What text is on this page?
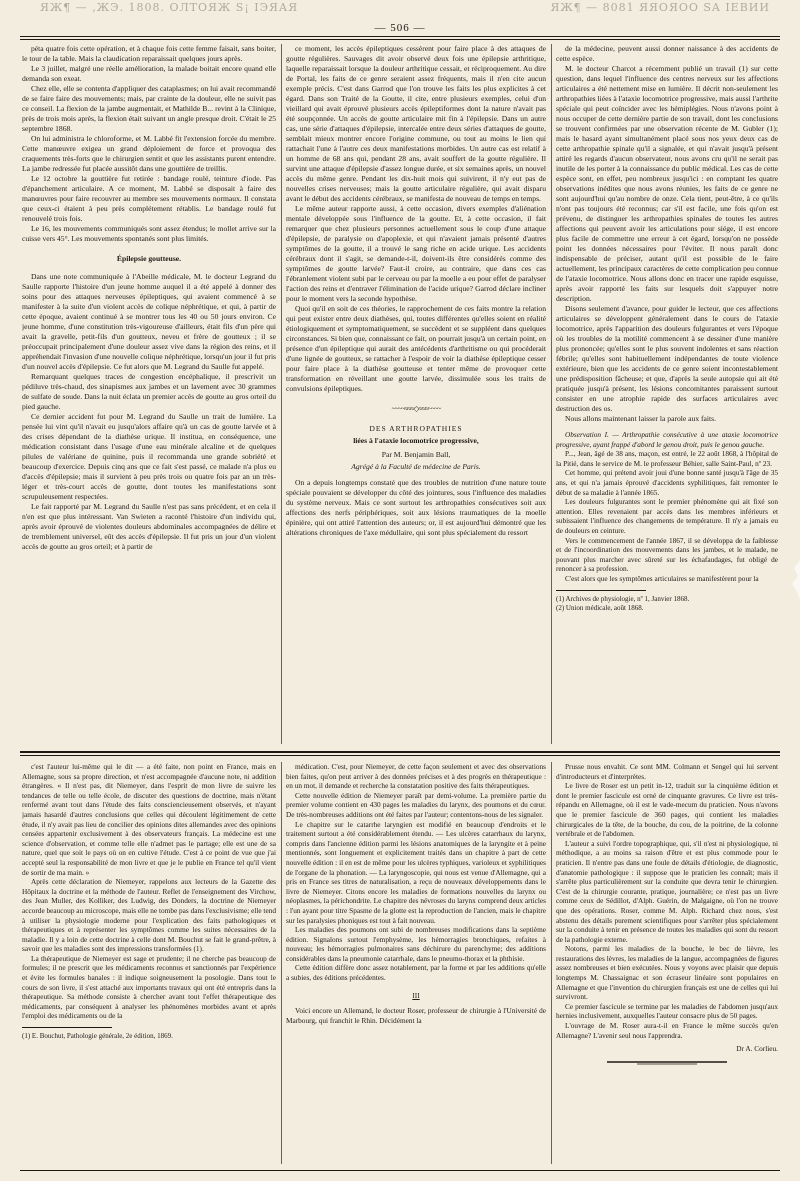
ЯЖ¶ — ‚ЖЭ. 1808. ОЛТОЯЖ S¡ IЭЯАЯ	ЯЖ¶ — 8081 ЯЯОЯОО SA IЕВИИ
— 506 —

péta quatre fois cette opération, et à chaque fois cette femme faisait, sans boiter, le tour de la table. Mais la claudication reparaissait quelques jours après.

Le 3 juillet, malgré une réelle amélioration, la malade boitait encore quand elle demanda son exeat.

Chez elle, elle se contenta d'appliquer des cataplasmes; on lui avait recommandé de se faire faire des mouvements; mais, par crainte de la douleur, elle ne suivit pas ce conseil. La flexion de la jambe augmentait, et Mathilde B... revint à la Clinique, près de trois mois après, la flexion était suivant un angle presque droit. C'était le 25 septembre 1868.

On lui administra le chloroforme, et M. Labbé fit l'extension forcée du membre. Cette manœuvre exigea un grand déploiement de force et provoqua des craquements très-forts que le chirurgien sentit et que les assistants purent entendre. La jambe redressée fut placée aussitôt dans une gouttière de treillis.

Le 12 octobre la gouttière fut retirée : bandage roulé, teinture d'iode. Pas d'épanchement articulaire. A ce moment, M. Labbé se disposait à faire des manœuvres pour faire recouvrer au membre ses mouvements normaux. Il constata que ceux-ci étaient à peu près complétement rétablis. Le bandage roulé fut renouvelé trois fois.

Le 16, les mouvements communiqués sont assez étendus; le mollet arrive sur la cuisse vers 45°. Les mouvements spontanés sont plus limités.

Épilepsie goutteuse.

Dans une note communiquée à l'Abeille médicale, M. le docteur Legrand du Saulle rapporte l'histoire d'un jeune homme auquel il a été appelé à donner des soins pour des attaques nerveuses épileptiques, qui avaient commencé à se manifester à la suite d'un violent accès de colique néphrétique, et qui, à partir de cette époque, avaient continué à se montrer tous les 40 ou 50 jours environ. Ce jeune homme, d'une constitution très-vigoureuse d'ailleurs, était fils d'un père qui avait la gravelle, petit-fils d'un goutteux, neveu et frère de goutteux ; il se préoccupait principalement d'une douleur assez vive dans la région des reins, et il appréhendait l'invasion d'une nouvelle colique néphrétique, lorsqu'un jour il fut pris d'un nouvel accès d'épilepsie. Ce fut alors que M. Legrand du Saulle fut appelé.

Remarquant quelques traces de congestion encéphalique, il prescrivit un pédiluve très-chaud, des sinapismes aux jambes et un lavement avec 30 grammes de sulfate de soude. Dans la nuit éclata un premier accès de goutte au gros orteil du pied gauche.

Ce dernier accident fut pour M. Legrand du Saulle un trait de lumière. La pensée lui vint qu'il n'avait eu jusqu'alors affaire qu'à un cas de goutte larvée et à des crises dépendant de la diathèse urique. Il institua, en conséquence, une médication consistant dans l'usage d'une eau minérale alcaline et de quelques pilules de valériane de quinine, puis il recommanda une grande sobriété et beaucoup d'exercice. Depuis cinq ans que ce fait s'est passé, ce malade n'a plus eu d'accès d'épilepsie; mais il survient à peu près trois ou quatre fois par an un très-léger et très-court accès de goutte, dont toutes les manifestations sont scrupuleusement respectées.

Le fait rapporté par M. Legrand du Saulle n'est pas sans précédent, et en cela il n'en est que plus intéressant. Van Swieten a raconté l'histoire d'un individu qui, après avoir éprouvé de violentes douleurs abdominales accompagnées de délire et de tremblement universel, eût des accès d'épilepsie. Il fut pris un jour d'un violent accès de goutte au gros orteil; et à partir de

ce moment, les accès épileptiques cessèrent pour faire place à des attaques de goutte régulières. Sauvages dit avoir observé deux fois une épilepsie arthritique, laquelle reparaissait lorsque la douleur arthritique cessait, et réciproquement. Au dire de Portal, les faits de ce genre seraient assez fréquents, mais il n'en cite aucun exemple précis. C'est dans Garrod que l'on trouve les faits les plus explicites à cet égard. Dans son Traité de la Goutte, il cite, entre plusieurs exemples, celui d'un vieillard qui avait éprouvé plusieurs accès épileptiformes dont la nature n'avait pas été soupçonnée. Un accès de goutte articulaire mit fin à l'épilepsie. Dans un autre cas, une série d'attaques d'épilepsie, intercalée entre deux séries d'attaques de goutte, semblait mieux montrer encore l'origine commune, ou tout au moins le lien qui rattachait l'une à l'autre ces deux manifestations morbides. Un autre cas est relatif à un homme de 68 ans qui, pendant 28 ans, avait souffert de la goutte régulière. Il survint une attaque d'épilepsie d'assez longue durée, et six semaines après, un nouvel accès du même genre. Pendant les dix-huit mois qui suivirent, il n'y eut pas de nouvelles crises nerveuses; mais la goutte articulaire régulière, qui avait disparu avant le début des accidents cérébraux, se manifesta de nouveau de temps en temps.

Le même auteur rapporte aussi, à cette occasion, divers exemples d'aliénation mentale développée sous l'influence de la goutte. Et, à cette occasion, il fait remarquer que chez plusieurs personnes actuellement sous le coup d'une attaque d'épilepsie, de paralysie ou d'apoplexie, et qui n'avaient jamais présenté d'autres symptômes de la goutte, il a trouvé le sang riche en acide urique. Les accidents cérébraux dont il s'agit, se demande-t-il, doivent-ils être considérés comme des symptômes de goutte larvée? Faut-il croire, au contraire, que dans ces cas l'ébranlement violent subi par le cerveau ou par la moelle a eu pour effet de paralyser l'action des reins et d'entraver l'élimination de l'acide urique? Garrod déclare incliner pour le moment vers la seconde hypothèse.

Quoi qu'il en soit de ces théories, le rapprochement de ces faits montre la relation qui peut exister entre deux diathèses, qui, toutes différentes qu'elles soient en réalité étiologiquement et symptomatiquement, se succèdent et se suppléent dans quelques circonstances. Si bien que, connaissant ce fait, on pourrait jusqu'à un certain point, en présence d'un épileptique qui aurait des antécédents d'arthritisme ou qui procéderait d'une lignée de goutteux, se rattacher à l'espoir de voir la diathèse épileptique cesser pour faire place à la diathèse goutteuse et tenter même de provoquer cette transformation en réveillant une goutte larvée, dissimulée sous les traits de convulsions épileptiques.

~~~~≈≈≈◇≈≈≈~~~~

DES ARTHROPATHIES

liées à l'ataxie locomotrice progressive,

Par M. Benjamin Ball,

Agrégé à la Faculté de médecine de Paris.

On a depuis longtemps constaté que des troubles de nutrition d'une nature toute spéciale pouvaient se développer du côté des jointures, sous l'influence des maladies du système nerveux. Mais ce sont surtout les arthropathies consécutives soit aux affections des nerfs périphériques, soit aux lésions traumatiques de la moelle épinière, qui ont attiré l'attention des auteurs; or, il est aujourd'hui démontré que les altérations chroniques de l'axe médullaire, qui sont plus spécialement du ressort

de la médecine, peuvent aussi donner naissance à des accidents de cette espèce.

M. le docteur Charcot a récemment publié un travail (1) sur cette question, dans lequel l'influence des centres nerveux sur les affections articulaires a été nettement mise en lumière. Il décrit non-seulement les arthropathies liées à l'ataxie locomotrice progressive, mais aussi l'arthrite spéciale qui peut coïncider avec les hémiplégies. Nous n'avons point à nous occuper de cette dernière partie de son travail, dont les conclusions se trouvent confirmées par une observation récente de M. Gubler (1); mais le hasard ayant simultanément placé sous nos yeux deux cas de cette arthropathie spinale qu'il a signalée, et qui n'avait jusqu'à présent attiré les regards d'aucun observateur, nous avons cru qu'il ne serait pas inutile de les porter à la connaissance du public médical. Les cas de cette espèce sont, en effet, peu nombreux jusqu'ici : en comptant les quatre observations inédites que nous avons réunies, les faits de ce genre ne sont aujourd'hui qu'au nombre de onze. Cela tient, peut-être, à ce qu'ils n'ont pas toujours été reconnus; car s'il est facile, une fois qu'on est prévenu, de distinguer les arthropathies spinales de toutes les autres affections qui peuvent avoir les articulations pour siége, il est encore plus facile de commettre une erreur à cet égard, lorsqu'on ne possède point les données nécessaires pour l'éviter. Il nous paraît donc indispensable de préciser, autant qu'il est possible de le faire actuellement, les principaux caractères de cette complication peu connue de l'ataxie locomotrice. Nous allons donc en tracer une rapide esquisse, après avoir rapporté les faits sur lesquels doit s'appuyer notre description.

Disons seulement d'avance, pour guider le lecteur, que ces affections articulaires se développent généralement dans le cours de l'ataxie locomotrice, après l'apparition des douleurs fulgurantes et vers l'époque où les troubles de la motilité commencent à se dessiner d'une manière plus prononcée; qu'elles sont le plus souvent indolentes et sans réaction fébrile; qu'elles sont habituellement indépendantes de toute violence extérieure, bien que les accidents de ce genre soient incontestablement une prédisposition fâcheuse; et que, d'après la seule autopsie qui ait été pratiquée jusqu'à présent, les lésions concomitantes paraissent surtout consister en une atrophie rapide des surfaces articulaires avec destruction des os.

Nous allons maintenant laisser la parole aux faits.

Observation I. — Arthropathie consécutive à une ataxie locomotrice progressive, ayant frappé d'abord le genou droit, puis le genou gauche.

P..., Jean, âgé de 38 ans, maçon, est entré, le 22 août 1868, à l'hôpital de la Pitié, dans le service de M. le professeur Béhier, salle Saint-Paul, nº 23.

Cet homme, qui prétend avoir joui d'une bonne santé jusqu'à l'âge de 35 ans, et qui n'a jamais éprouvé d'accidents syphilitiques, fait remonter le début de sa maladie à l'année 1865.

Les douleurs fulgurantes sont le premier phénomène qui ait fixé son attention. Elles revenaient par accès dans les membres inférieurs et subissaient l'influence des changements de température. Il n'y a jamais eu de douleurs en ceinture.

Vers le commencement de l'année 1867, il se développa de la faiblesse et de l'incoordination des mouvements dans les jambes, et le malade, ne pouvant plus marcher avec sûreté sur les échafaudages, fut obligé de renoncer à sa profession.

C'est alors que les symptômes articulaires se manifestèrent pour la

(1) Archives de physiologie, nº 1, Janvier 1868.

(2) Union médicale, août 1868.

c'est l'auteur lui-même qui le dit — a été faite, non point en France, mais en Allemagne, sous sa propre direction, et n'est accompagnée d'aucune note, ni addition étrangères. « Il n'est pas, dit Niemeyer, dans l'esprit de mon livre de suivre les tendances de telle ou telle école, de discuter des questions de doctrine, mais n'étant renfermé avant tout dans l'étude des faits consciencieusement observés, et n'ayant jamais hasardé d'autres conclusions que celles qui découlent légitimement de cette étude, il n'y avait pas lieu de concilier des opinions dites allemandes avec des opinions censées appartenir exclusivement à des observateurs français. La médecine est une science d'observation, et comme telle elle n'admet pas le partage; elle est une de sa nature, quel que soit le pays où on en cultive l'étude. C'est à ce point de vue que j'ai accepté seul la responsabilité de mon livre et que je le publie en France tel qu'il vient de sortir de ma main. »

Après cette déclaration de Niemeyer, rappelons aux lecteurs de la Gazette des Hôpitaux la doctrine et la méthode de l'auteur. Reflet de l'enseignement des Virchow, des Jean Muller, des Kolliker, des Ludwig, des Donders, la doctrine de Niemeyer accorde beaucoup au microscope, mais elle ne tombe pas dans l'exclusivisme; elle tend à utiliser la physiologie moderne pour l'explication des faits pathologiques et thérapeutiques et à représenter les symptômes comme les suites nécessaires de la maladie. Il y a loin de cette doctrine à celle dont M. Bouchut se fait le grand-prêtre, à savoir que les maladies sont des impressions transformées (1).

La thérapeutique de Niemeyer est sage et prudente; il ne cherche pas beaucoup de formules; il ne prescrit que les médicaments reconnus et sanctionnés par l'expérience et évite les formules banales : il indique soigneusement la posologie. Dans tout le cours de son livre, il s'est attaché aux importants travaux qui ont été entrepris dans la thérapeutique. Sa méthode consiste à chercher avant tout l'effet thérapeutique des médicaments, par conséquent à analyser les phénomènes morbides avant et après l'emploi des médicaments ou de la

(1) E. Bouchut, Pathologie générale, 2e édition, 1869.

médication. C'est, pour Niemeyer, de cette façon seulement et avec des observations bien faites, qu'on peut arriver à des données précises et à des progrès en thérapeutique : en un mot, il demande et recherche la constatation positive des faits thérapeutiques.

Cette nouvelle édition de Niemeyer paraît par demi-volume. La première partie du premier volume contient en 430 pages les maladies du larynx, des poumons et du cœur. De très-nombreuses additions ont été faites par l'auteur; contentons-nous de les signaler.

Le chapitre sur le catarrhe laryngien est modifié en beaucoup d'endroits et le traitement surtout a été considérablement étendu. — Les ulcères catarrhaux du larynx, compris dans l'ancienne édition parmi les lésions anatomiques de la laryngite et à peine mentionnés, sont longuement et explicitement traités dans un chapitre à part de cette nouvelle édition : il en est de même pour les ulcères typhiques, varioleux et syphilitiques de l'organe de la phonation. — La laryngoscopie, qui nous est venue d'Allemagne, qui a pris en France ses titres de naturalisation, a reçu de nouveaux développements dans le livre de Niemeyer. Citons encore les maladies de formations nouvelles du larynx ou néoplasmes, la périchondrite. Le chapitre des névroses du larynx comprend deux articles : l'un ayant pour titre Spasme de la glotte est la reproduction de l'ancien, mais le chapitre sur les paralysies phoniques est tout à fait nouveau.

Les maladies des poumons ont subi de nombreuses modifications dans la septième édition. Signalons surtout l'emphysème, les hémorragies bronchiques, refaites à nouveau; les hémorragies pulmonaires sans déchirure du parenchyme; des additions considérables dans la pneumonie catarrhale, dans le pneumo-thorax et la phthisie.

Cette édition diffère donc assez notablement, par la forme et par les additions qu'elle a subies, des éditions précédentes.

III

Voici encore un Allemand, le docteur Roser, professeur de chirurgie à l'Université de Marbourg, qui franchit le Rhin. Décidément la

Prusse nous envahit. Ce sont MM. Colmann et Sengel qui lui servent d'introducteurs et d'interprètes.

Le livre de Roser est un petit in-12, traduit sur la cinquième édition et dont le premier fascicule est orné de cinquante gravures. Ce livre est très-répandu en Allemagne, où il est le vade-mecum du praticien. Nous n'avons que le premier fascicule de 360 pages, qui contient les maladies chirurgicales de la tête, de la bouche, du cou, de la poitrine, de la colonne vertébrale et de l'abdomen.

L'auteur a suivi l'ordre topographique, qui, s'il n'est ni physiologique, ni méthodique, a au moins sa raison d'être et est plus commode pour le praticien. Il n'entre pas dans une foule de détails d'étiologie, de diagnostic, d'anatomie pathologique : il suppose que le praticien les connaît; mais il s'arrête plus particulièrement sur la conduite que devra tenir le chirurgien. C'est de la chirurgie courante, pratique, journalière; ce n'est pas un livre comme ceux de Sédillot, d'Alph. Guérin, de Malgaigne, où l'on ne trouve que des opérations. Roser, comme M. Alph. Richard chez nous, s'est abstenu des détails purement scientifiques pour s'arrêter plus spécialement sur la conduite à tenir en présence de toutes les maladies qui sont du ressort de la pathologie externe.

Notons, parmi les maladies de la bouche, le bec de lièvre, les restaurations des lèvres, les maladies de la langue, accompagnées de figures assez nombreuses et bien exécutées. Nous y voyons avec plaisir que depuis longtemps M. Chassaignac et son écraseur linéaire sont populaires en Allemagne et que l'invention du chirurgien français est une de celles qui lui survivront.

Ce premier fascicule se termine par les maladies de l'abdomen jusqu'aux hernies inclusivement, auxquelles l'auteur consacre plus de 50 pages.

L'ouvrage de M. Roser aura-t-il en France le même succès qu'en Allemagne? L'avenir seul nous l'apprendra.

Dr A. Corlieu.
